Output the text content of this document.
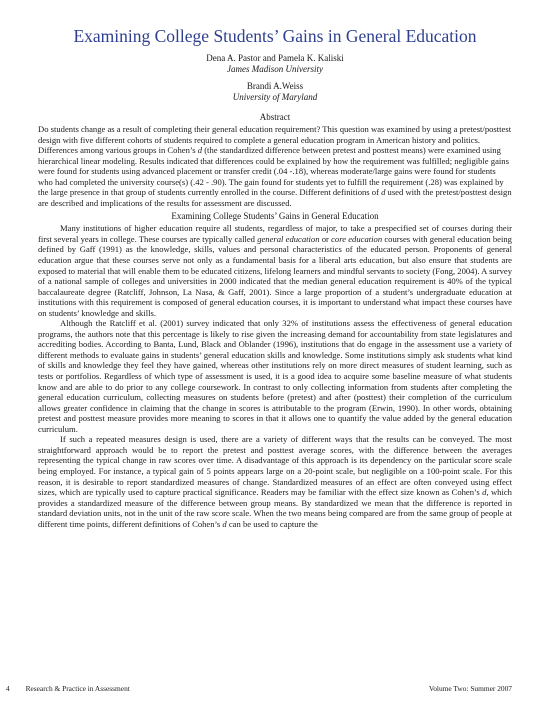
Examining College Students’ Gains in General Education

Dena A. Pastor and Pamela K. Kaliski

James Madison University

Brandi A.Weiss

University of Maryland

Abstract

Do students change as a result of completing their general education requirement? This question was examined by using a pretest/posttest design with five different cohorts of students required to complete a general education program in American history and politics. Differences among various groups in Cohen’s d (the standardized difference between pretest and posttest means) were examined using hierarchical linear modeling. Results indicated that differences could be explained by how the requirement was fulfilled; negligible gains were found for students using advanced placement or transfer credit (.04 -.18), whereas moderate/large gains were found for students who had completed the university course(s) (.42 - .90). The gain found for students yet to fulfill the requirement (.28) was explained by the large presence in that group of students currently enrolled in the course. Different definitions of d used with the pretest/posttest design are described and implications of the results for assessment are discussed.

Examining College Students’ Gains in General Education

Many institutions of higher education require all students, regardless of major, to take a prespecified set of courses during their first several years in college. These courses are typically called general education or core education courses with general education being defined by Gaff (1991) as the knowledge, skills, values and personal characteristics of the educated person. Proponents of general education argue that these courses serve not only as a fundamental basis for a liberal arts education, but also ensure that students are exposed to material that will enable them to be educated citizens, lifelong learners and mindful servants to society (Fong, 2004). A survey of a national sample of colleges and universities in 2000 indicated that the median general education requirement is 40% of the typical baccalaureate degree (Ratcliff, Johnson, La Nasa, & Gaff, 2001). Since a large proportion of a student’s undergraduate education at institutions with this requirement is composed of general education courses, it is important to understand what impact these courses have on students’ knowledge and skills.

Although the Ratcliff et al. (2001) survey indicated that only 32% of institutions assess the effectiveness of general education programs, the authors note that this percentage is likely to rise given the increasing demand for accountability from state legislatures and accrediting bodies. According to Banta, Lund, Black and Oblander (1996), institutions that do engage in the assessment use a variety of different methods to evaluate gains in students’ general education skills and knowledge. Some institutions simply ask students what kind of skills and knowledge they feel they have gained, whereas other institutions rely on more direct measures of student learning, such as tests or portfolios. Regardless of which type of assessment is used, it is a good idea to acquire some baseline measure of what students know and are able to do prior to any college coursework. In contrast to only collecting information from students after completing the general education curriculum, collecting measures on students before (pretest) and after (posttest) their completion of the curriculum allows greater confidence in claiming that the change in scores is attributable to the program (Erwin, 1990). In other words, obtaining pretest and posttest measure provides more meaning to scores in that it allows one to quantify the value added by the general education curriculum.

If such a repeated measures design is used, there are a variety of different ways that the results can be conveyed. The most straightforward approach would be to report the pretest and posttest average scores, with the difference between the averages representing the typical change in raw scores over time. A disadvantage of this approach is its dependency on the particular score scale being employed. For instance, a typical gain of 5 points appears large on a 20-point scale, but negligible on a 100-point scale. For this reason, it is desirable to report standardized measures of change. Standardized measures of an effect are often conveyed using effect sizes, which are typically used to capture practical significance. Readers may be familiar with the effect size known as Cohen’s d, which provides a standardized measure of the difference between group means. By standardized we mean that the difference is reported in standard deviation units, not in the unit of the raw score scale. When the two means being compared are from the same group of people at different time points, different definitions of Cohen’s d can be used to capture the

4 Research & Practice in Assessment	Volume Two: Summer 2007
